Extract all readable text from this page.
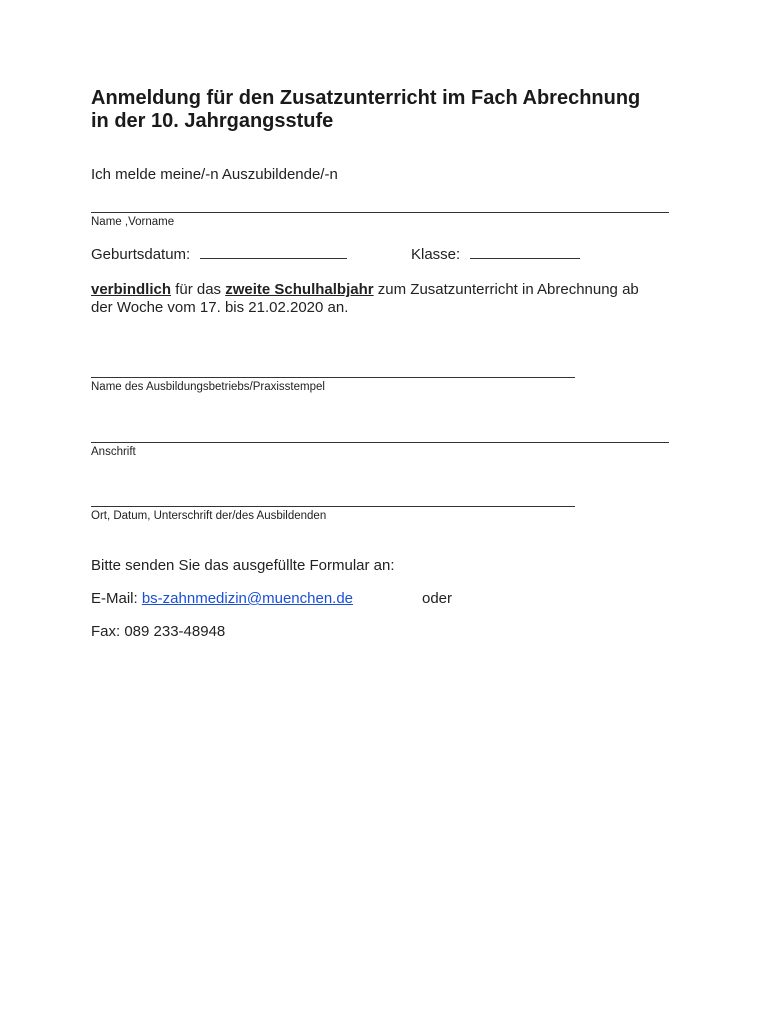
Anmeldung für den Zusatzunterricht im Fach Abrechnung
in der 10. Jahrgangsstufe
Ich melde meine/-n Auszubildende/-n
Name ,Vorname
Geburtsdatum:	Klasse:
verbindlich für das zweite Schulhalbjahr zum Zusatzunterricht in Abrechnung ab
der Woche vom 17. bis 21.02.2020 an.
Name des Ausbildungsbetriebs/Praxisstempel
Anschrift
Ort, Datum, Unterschrift der/des Ausbildenden
Bitte senden Sie das ausgefüllte Formular an:
E-Mail: bs-zahnmedizin@muenchen.de	oder
Fax: 089 233-48948
